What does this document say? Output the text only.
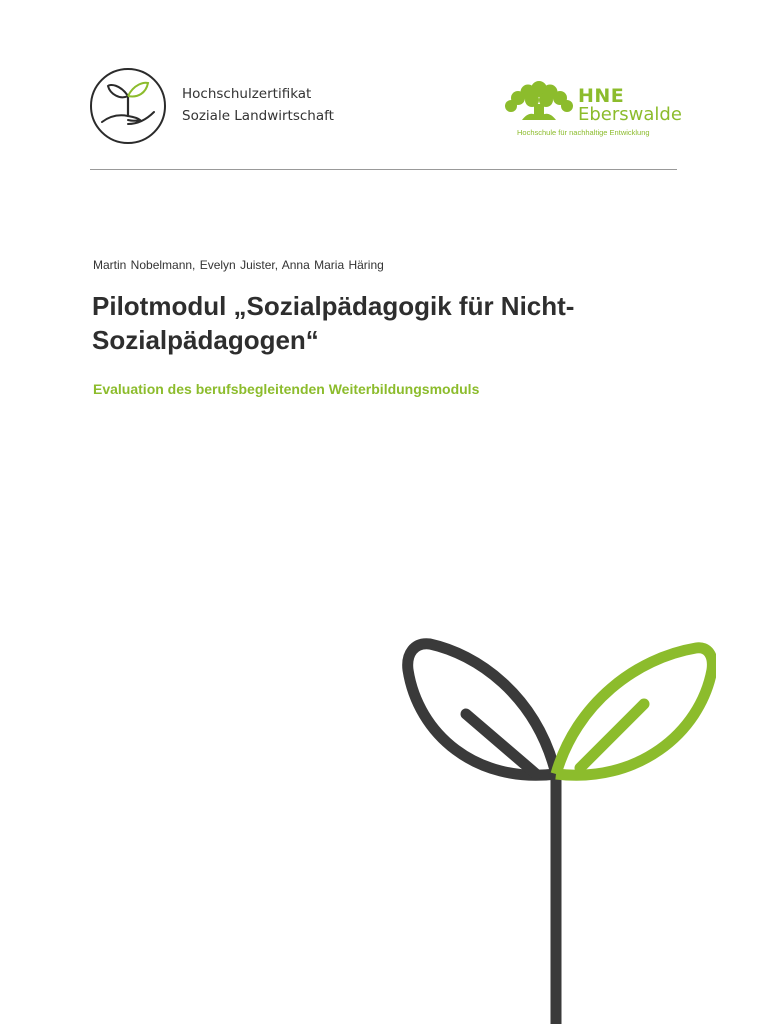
Hochschulzertifikat
Soziale Landwirtschaft
HNE
Eberswalde
Hochschule für nachhaltige Entwicklung
Martin Nobelmann, Evelyn Juister, Anna Maria Häring
Pilotmodul „Sozialpädagogik für Nicht-Sozialpädagogen“
Evaluation des berufsbegleitenden Weiterbildungsmoduls
